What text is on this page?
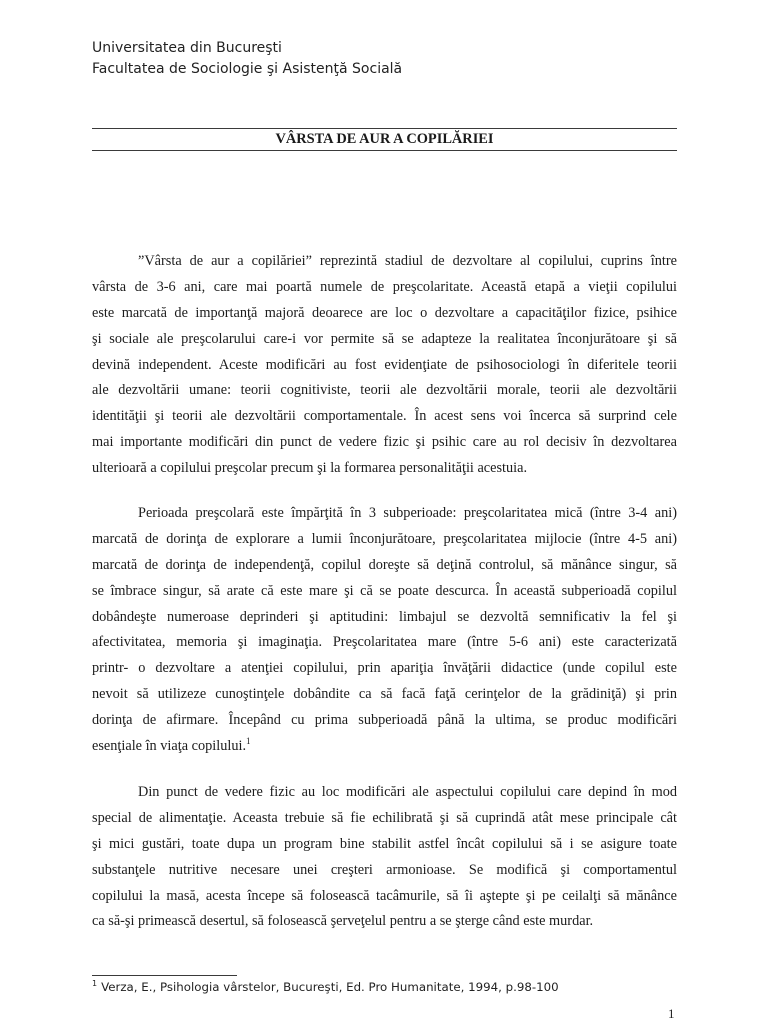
Universitatea din Bucureşti
Facultatea de Sociologie şi Asistenţă Socială
VÂRSTA DE AUR A COPILĂRIEI
”Vârsta de aur a copilăriei” reprezintă stadiul de dezvoltare al copilului, cuprins între
vârsta de 3-6 ani, care mai poartă numele de preşcolaritate. Această etapă a vieţii copilului
este marcată de importanţă majoră deoarece are loc o dezvoltare a capacităţilor fizice, psihice
şi sociale ale preşcolarului care-i vor permite să se adapteze la realitatea înconjurătoare şi să
devină independent. Aceste modificări au fost evidenţiate de psihosociologi în diferitele teorii
ale dezvoltării umane: teorii cognitiviste, teorii ale dezvoltării morale, teorii ale dezvoltării
identităţii şi teorii ale dezvoltării comportamentale. În acest sens voi încerca să surprind cele
mai importante modificări din punct de vedere fizic şi psihic care au rol decisiv în dezvoltarea
ulterioară a copilului preşcolar precum şi la formarea personalităţii acestuia.
Perioada preşcolară este împărţită în 3 subperioade: preşcolaritatea mică (între 3-4 ani)
marcată de dorinţa de explorare a lumii înconjurătoare, preşcolaritatea mijlocie (între 4-5 ani)
marcată de dorinţa de independenţă, copilul doreşte să deţină controlul, să mănânce singur, să
se îmbrace singur, să arate că este mare şi că se poate descurca. În această subperioadă copilul
dobândeşte numeroase deprinderi şi aptitudini: limbajul se dezvoltă semnificativ la fel şi
afectivitatea, memoria şi imaginaţia. Preşcolaritatea mare (între 5-6 ani) este caracterizată
printr- o dezvoltare a atenţiei copilului, prin apariţia învăţării didactice (unde copilul este
nevoit să utilizeze cunoştinţele dobândite ca să facă faţă cerinţelor de la grădiniţă) şi prin
dorinţa de afirmare. Începând cu prima subperioadă până la ultima, se produc modificări
esenţiale în viaţa copilului.$^1$
Din punct de vedere fizic au loc modificări ale aspectului copilului care depind în mod
special de alimentaţie. Aceasta trebuie să fie echilibrată şi să cuprindă atât mese principale cât
şi mici gustări, toate dupa un program bine stabilit astfel încât copilului să i se asigure toate
substanţele nutritive necesare unei creşteri armonioase. Se modifică şi comportamentul
copilului la masă, acesta începe să folosească tacâmurile, să îi aştepte şi pe ceilalţi să mănânce
ca să-şi primească desertul, să folosească şerveţelul pentru a se şterge când este murdar.
$^1$ Verza, E., Psihologia vârstelor, Bucureşti, Ed. Pro Humanitate, 1994, p.98-100
1
